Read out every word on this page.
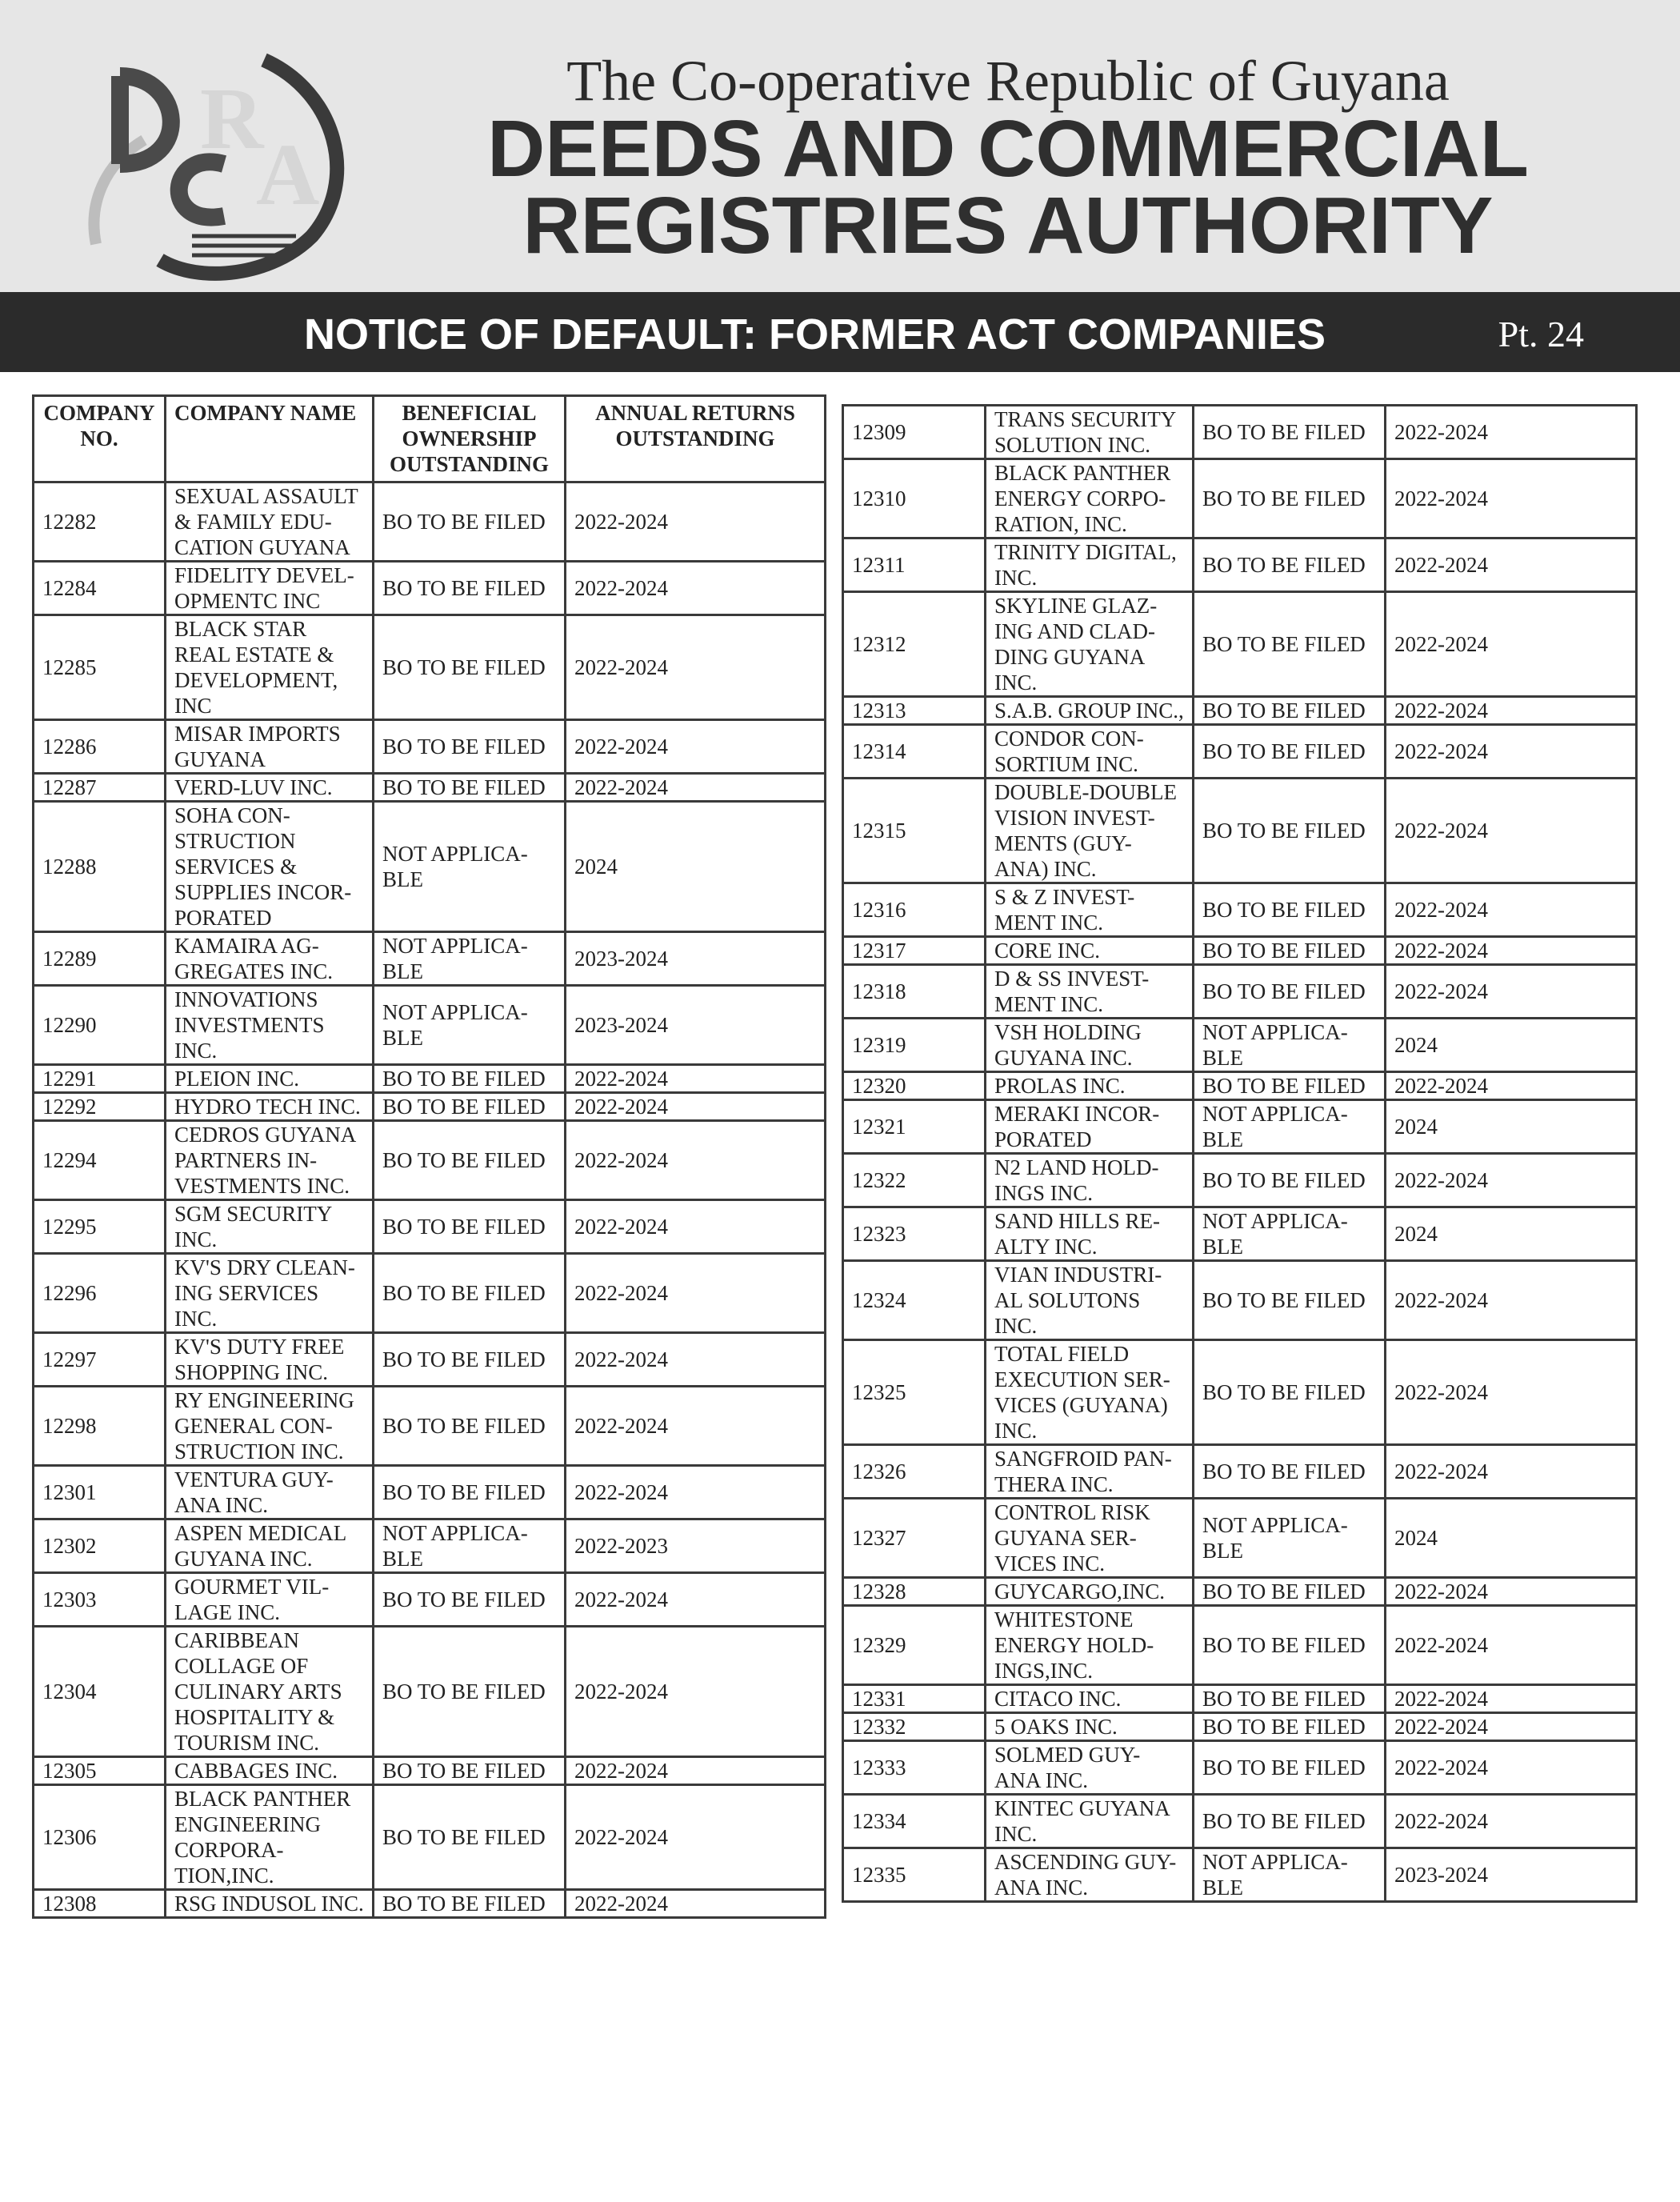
R
A
The Co-operative Republic of Guyana
DEEDS AND COMMERCIAL
REGISTRIES AUTHORITY
NOTICE OF DEFAULT: FORMER ACT COMPANIES	Pt. 24
COMPANY NO.	COMPANY NAME	BENEFICIAL OWNERSHIP OUTSTANDING	ANNUAL RETURNS OUTSTANDING
12282	SEXUAL ASSAULT & FAMILY EDU-CATION GUYANA	BO TO BE FILED	2022-2024
12284	FIDELITY DEVEL-OPMENTC INC	BO TO BE FILED	2022-2024
12285	BLACK STAR REAL ESTATE & DEVELOPMENT, INC	BO TO BE FILED	2022-2024
12286	MISAR IMPORTS GUYANA	BO TO BE FILED	2022-2024
12287	VERD-LUV INC.	BO TO BE FILED	2022-2024
12288	SOHA CON-STRUCTION SERVICES & SUPPLIES INCOR-PORATED	NOT APPLICA-BLE	2024
12289	KAMAIRA AG-GREGATES INC.	NOT APPLICA-BLE	2023-2024
12290	INNOVATIONS INVESTMENTS INC.	NOT APPLICA-BLE	2023-2024
12291	PLEION INC.	BO TO BE FILED	2022-2024
12292	HYDRO TECH INC.	BO TO BE FILED	2022-2024
12294	CEDROS GUYANA PARTNERS IN-VESTMENTS INC.	BO TO BE FILED	2022-2024
12295	SGM SECURITY INC.	BO TO BE FILED	2022-2024
12296	KV'S DRY CLEAN-ING SERVICES INC.	BO TO BE FILED	2022-2024
12297	KV'S DUTY FREE SHOPPING INC.	BO TO BE FILED	2022-2024
12298	RY ENGINEERING GENERAL CON-STRUCTION INC.	BO TO BE FILED	2022-2024
12301	VENTURA GUY-ANA INC.	BO TO BE FILED	2022-2024
12302	ASPEN MEDICAL GUYANA INC.	NOT APPLICA-BLE	2022-2023
12303	GOURMET VIL-LAGE INC.	BO TO BE FILED	2022-2024
12304	CARIBBEAN COLLAGE OF CULINARY ARTS HOSPITALITY & TOURISM INC.	BO TO BE FILED	2022-2024
12305	CABBAGES INC.	BO TO BE FILED	2022-2024
12306	BLACK PANTHER ENGINEERING CORPORA-TION,INC.	BO TO BE FILED	2022-2024
12308	RSG INDUSOL INC.	BO TO BE FILED	2022-2024
12309	TRANS SECURITY SOLUTION INC.	BO TO BE FILED	2022-2024
12310	BLACK PANTHER ENERGY CORPO-RATION, INC.	BO TO BE FILED	2022-2024
12311	TRINITY DIGITAL, INC.	BO TO BE FILED	2022-2024
12312	SKYLINE GLAZ-ING AND CLAD-DING GUYANA INC.	BO TO BE FILED	2022-2024
12313	S.A.B. GROUP INC.,	BO TO BE FILED	2022-2024
12314	CONDOR CON-SORTIUM INC.	BO TO BE FILED	2022-2024
12315	DOUBLE-DOUBLE VISION INVEST-MENTS (GUY-ANA) INC.	BO TO BE FILED	2022-2024
12316	S & Z INVEST-MENT INC.	BO TO BE FILED	2022-2024
12317	CORE INC.	BO TO BE FILED	2022-2024
12318	D & SS INVEST-MENT INC.	BO TO BE FILED	2022-2024
12319	VSH HOLDING GUYANA INC.	NOT APPLICA-BLE	2024
12320	PROLAS INC.	BO TO BE FILED	2022-2024
12321	MERAKI INCOR-PORATED	NOT APPLICA-BLE	2024
12322	N2 LAND HOLD-INGS INC.	BO TO BE FILED	2022-2024
12323	SAND HILLS RE-ALTY INC.	NOT APPLICA-BLE	2024
12324	VIAN INDUSTRI-AL SOLUTONS INC.	BO TO BE FILED	2022-2024
12325	TOTAL FIELD EXECUTION SER-VICES (GUYANA) INC.	BO TO BE FILED	2022-2024
12326	SANGFROID PAN-THERA INC.	BO TO BE FILED	2022-2024
12327	CONTROL RISK GUYANA SER-VICES INC.	NOT APPLICA-BLE	2024
12328	GUYCARGO,INC.	BO TO BE FILED	2022-2024
12329	WHITESTONE ENERGY HOLD-INGS,INC.	BO TO BE FILED	2022-2024
12331	CITACO INC.	BO TO BE FILED	2022-2024
12332	5 OAKS INC.	BO TO BE FILED	2022-2024
12333	SOLMED GUY-ANA INC.	BO TO BE FILED	2022-2024
12334	KINTEC GUYANA INC.	BO TO BE FILED	2022-2024
12335	ASCENDING GUY-ANA INC.	NOT APPLICA-BLE	2023-2024
